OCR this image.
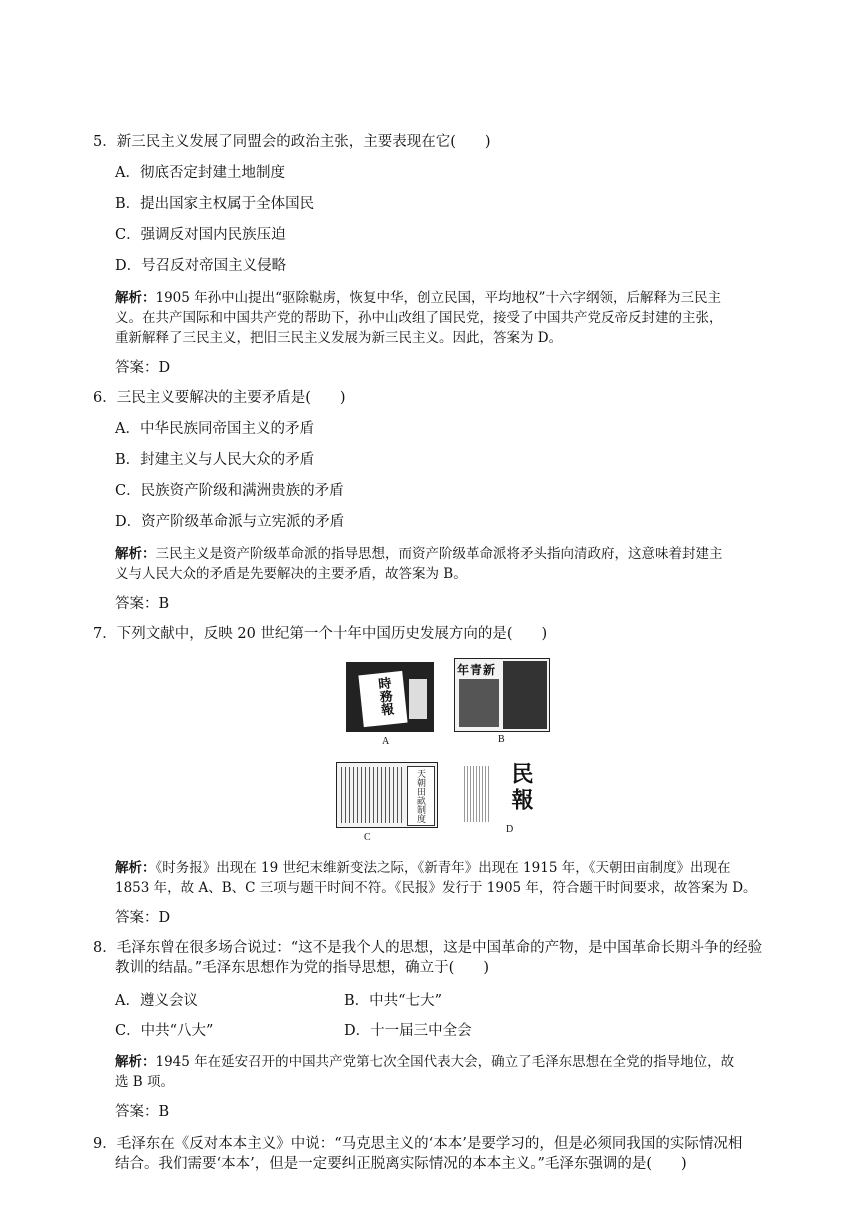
5．新三民主义发展了同盟会的政治主张，主要表现在它(　　)
A．彻底否定封建土地制度
B．提出国家主权属于全体国民
C．强调反对国内民族压迫
D．号召反对帝国主义侵略
解析：1905 年孙中山提出“驱除鞑虏，恢复中华，创立民国，平均地权”十六字纲领，后解释为三民主
义。在共产国际和中国共产党的帮助下，孙中山改组了国民党，接受了中国共产党反帝反封建的主张，
重新解释了三民主义，把旧三民主义发展为新三民主义。因此，答案为 D。
答案：D
6．三民主义要解决的主要矛盾是(　　)
A．中华民族同帝国主义的矛盾
B．封建主义与人民大众的矛盾
C．民族资产阶级和满洲贵族的矛盾
D．资产阶级革命派与立宪派的矛盾
解析：三民主义是资产阶级革命派的指导思想，而资产阶级革命派将矛头指向清政府，这意味着封建主
义与人民大众的矛盾是先要解决的主要矛盾，故答案为 B。
答案：B
7．下列文献中，反映 20 世纪第一个十年中国历史发展方向的是(　　)
時務報
A
年青新
B
天朝田畝制度
C
民報
D
解析：《时务报》出现在 19 世纪末维新变法之际，《新青年》出现在 1915 年，《天朝田亩制度》出现在
1853 年，故 A、B、C 三项与题干时间不符。《民报》发行于 1905 年，符合题干时间要求，故答案为 D。
答案：D
8．毛泽东曾在很多场合说过：“这不是我个人的思想，这是中国革命的产物，是中国革命长期斗争的经验
教训的结晶。”毛泽东思想作为党的指导思想，确立于(　　)
A．遵义会议	B．中共“七大”
C．中共“八大”	D．十一届三中全会
解析：1945 年在延安召开的中国共产党第七次全国代表大会，确立了毛泽东思想在全党的指导地位，故
选 B 项。
答案：B
9．毛泽东在《反对本本主义》中说：“马克思主义的‘本本’是要学习的，但是必须同我国的实际情况相
结合。我们需要‘本本’，但是一定要纠正脱离实际情况的本本主义。”毛泽东强调的是(　　)
